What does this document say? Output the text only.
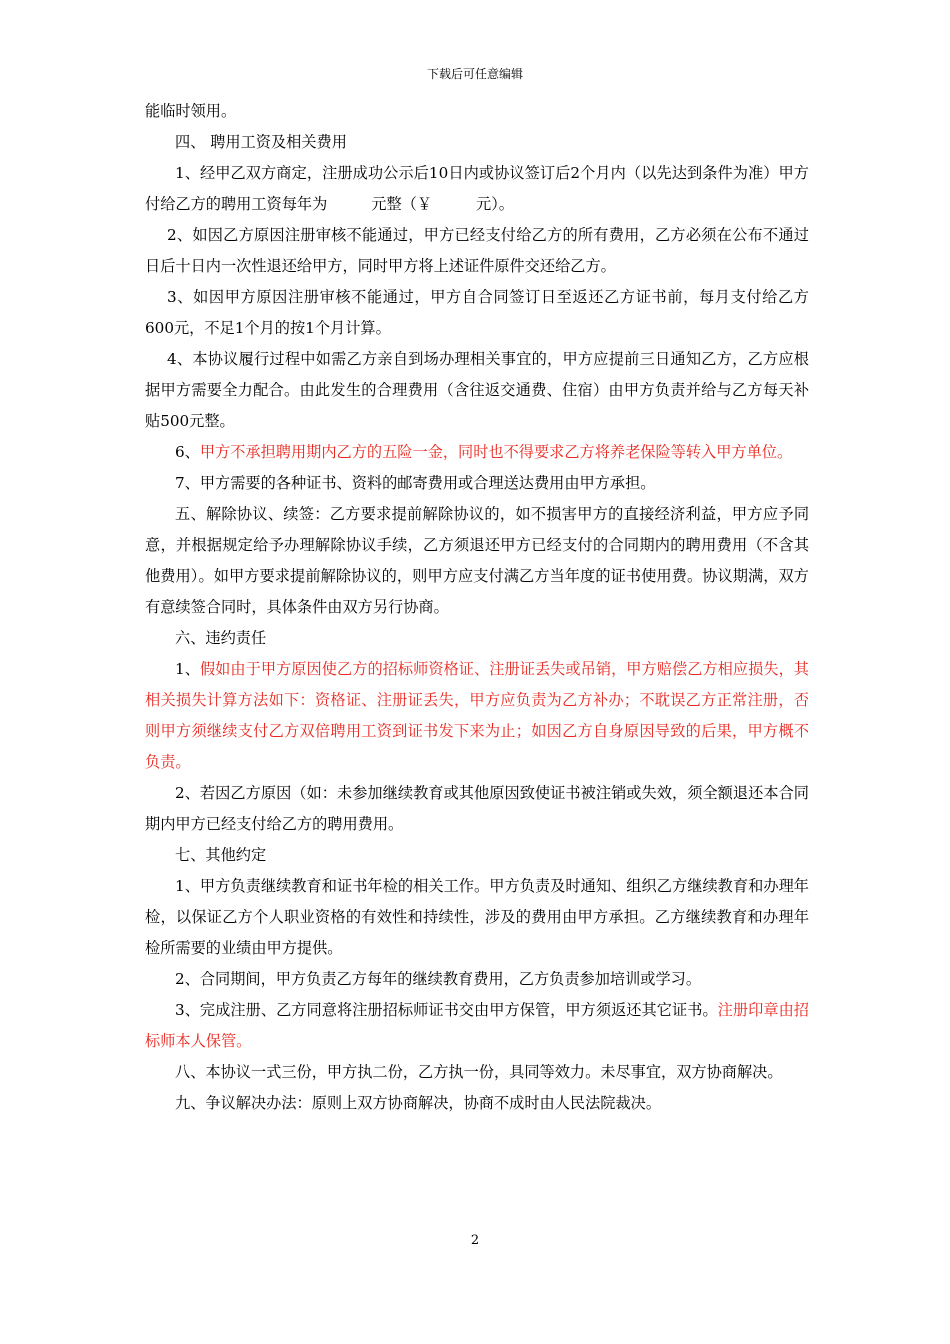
下载后可任意编辑

能临时领用。

四、 聘用工资及相关费用

1、经甲乙双方商定，注册成功公示后10日内或协议签订后2个月内（以先达到条件为准）甲方付给乙方的聘用工资每年为	元整（￥	元）。

2、如因乙方原因注册审核不能通过，甲方已经支付给乙方的所有费用，乙方必须在公布不通过日后十日内一次性退还给甲方，同时甲方将上述证件原件交还给乙方。

3、如因甲方原因注册审核不能通过，甲方自合同签订日至返还乙方证书前，每月支付给乙方600元，不足1个月的按1个月计算。

4、本协议履行过程中如需乙方亲自到场办理相关事宜的，甲方应提前三日通知乙方，乙方应根据甲方需要全力配合。由此发生的合理费用（含往返交通费、住宿）由甲方负责并给与乙方每天补贴500元整。

6、甲方不承担聘用期内乙方的五险一金，同时也不得要求乙方将养老保险等转入甲方单位。

7、甲方需要的各种证书、资料的邮寄费用或合理送达费用由甲方承担。

五、解除协议、续签：乙方要求提前解除协议的，如不损害甲方的直接经济利益，甲方应予同意，并根据规定给予办理解除协议手续，乙方须退还甲方已经支付的合同期内的聘用费用（不含其他费用）。如甲方要求提前解除协议的，则甲方应支付满乙方当年度的证书使用费。协议期满，双方有意续签合同时，具体条件由双方另行协商。

六、违约责任

1、假如由于甲方原因使乙方的招标师资格证、注册证丢失或吊销，甲方赔偿乙方相应损失，其相关损失计算方法如下：资格证、注册证丢失，甲方应负责为乙方补办；不耽误乙方正常注册，否则甲方须继续支付乙方双倍聘用工资到证书发下来为止；如因乙方自身原因导致的后果，甲方概不负责。

2、若因乙方原因（如：未参加继续教育或其他原因致使证书被注销或失效，须全额退还本合同期内甲方已经支付给乙方的聘用费用。

七、其他约定

1、甲方负责继续教育和证书年检的相关工作。甲方负责及时通知、组织乙方继续教育和办理年检，以保证乙方个人职业资格的有效性和持续性，涉及的费用由甲方承担。乙方继续教育和办理年检所需要的业绩由甲方提供。

2、合同期间，甲方负责乙方每年的继续教育费用，乙方负责参加培训或学习。

3、完成注册、乙方同意将注册招标师证书交由甲方保管，甲方须返还其它证书。注册印章由招标师本人保管。

八、本协议一式三份，甲方执二份，乙方执一份，具同等效力。未尽事宜，双方协商解决。

九、争议解决办法：原则上双方协商解决，协商不成时由人民法院裁决。

2
